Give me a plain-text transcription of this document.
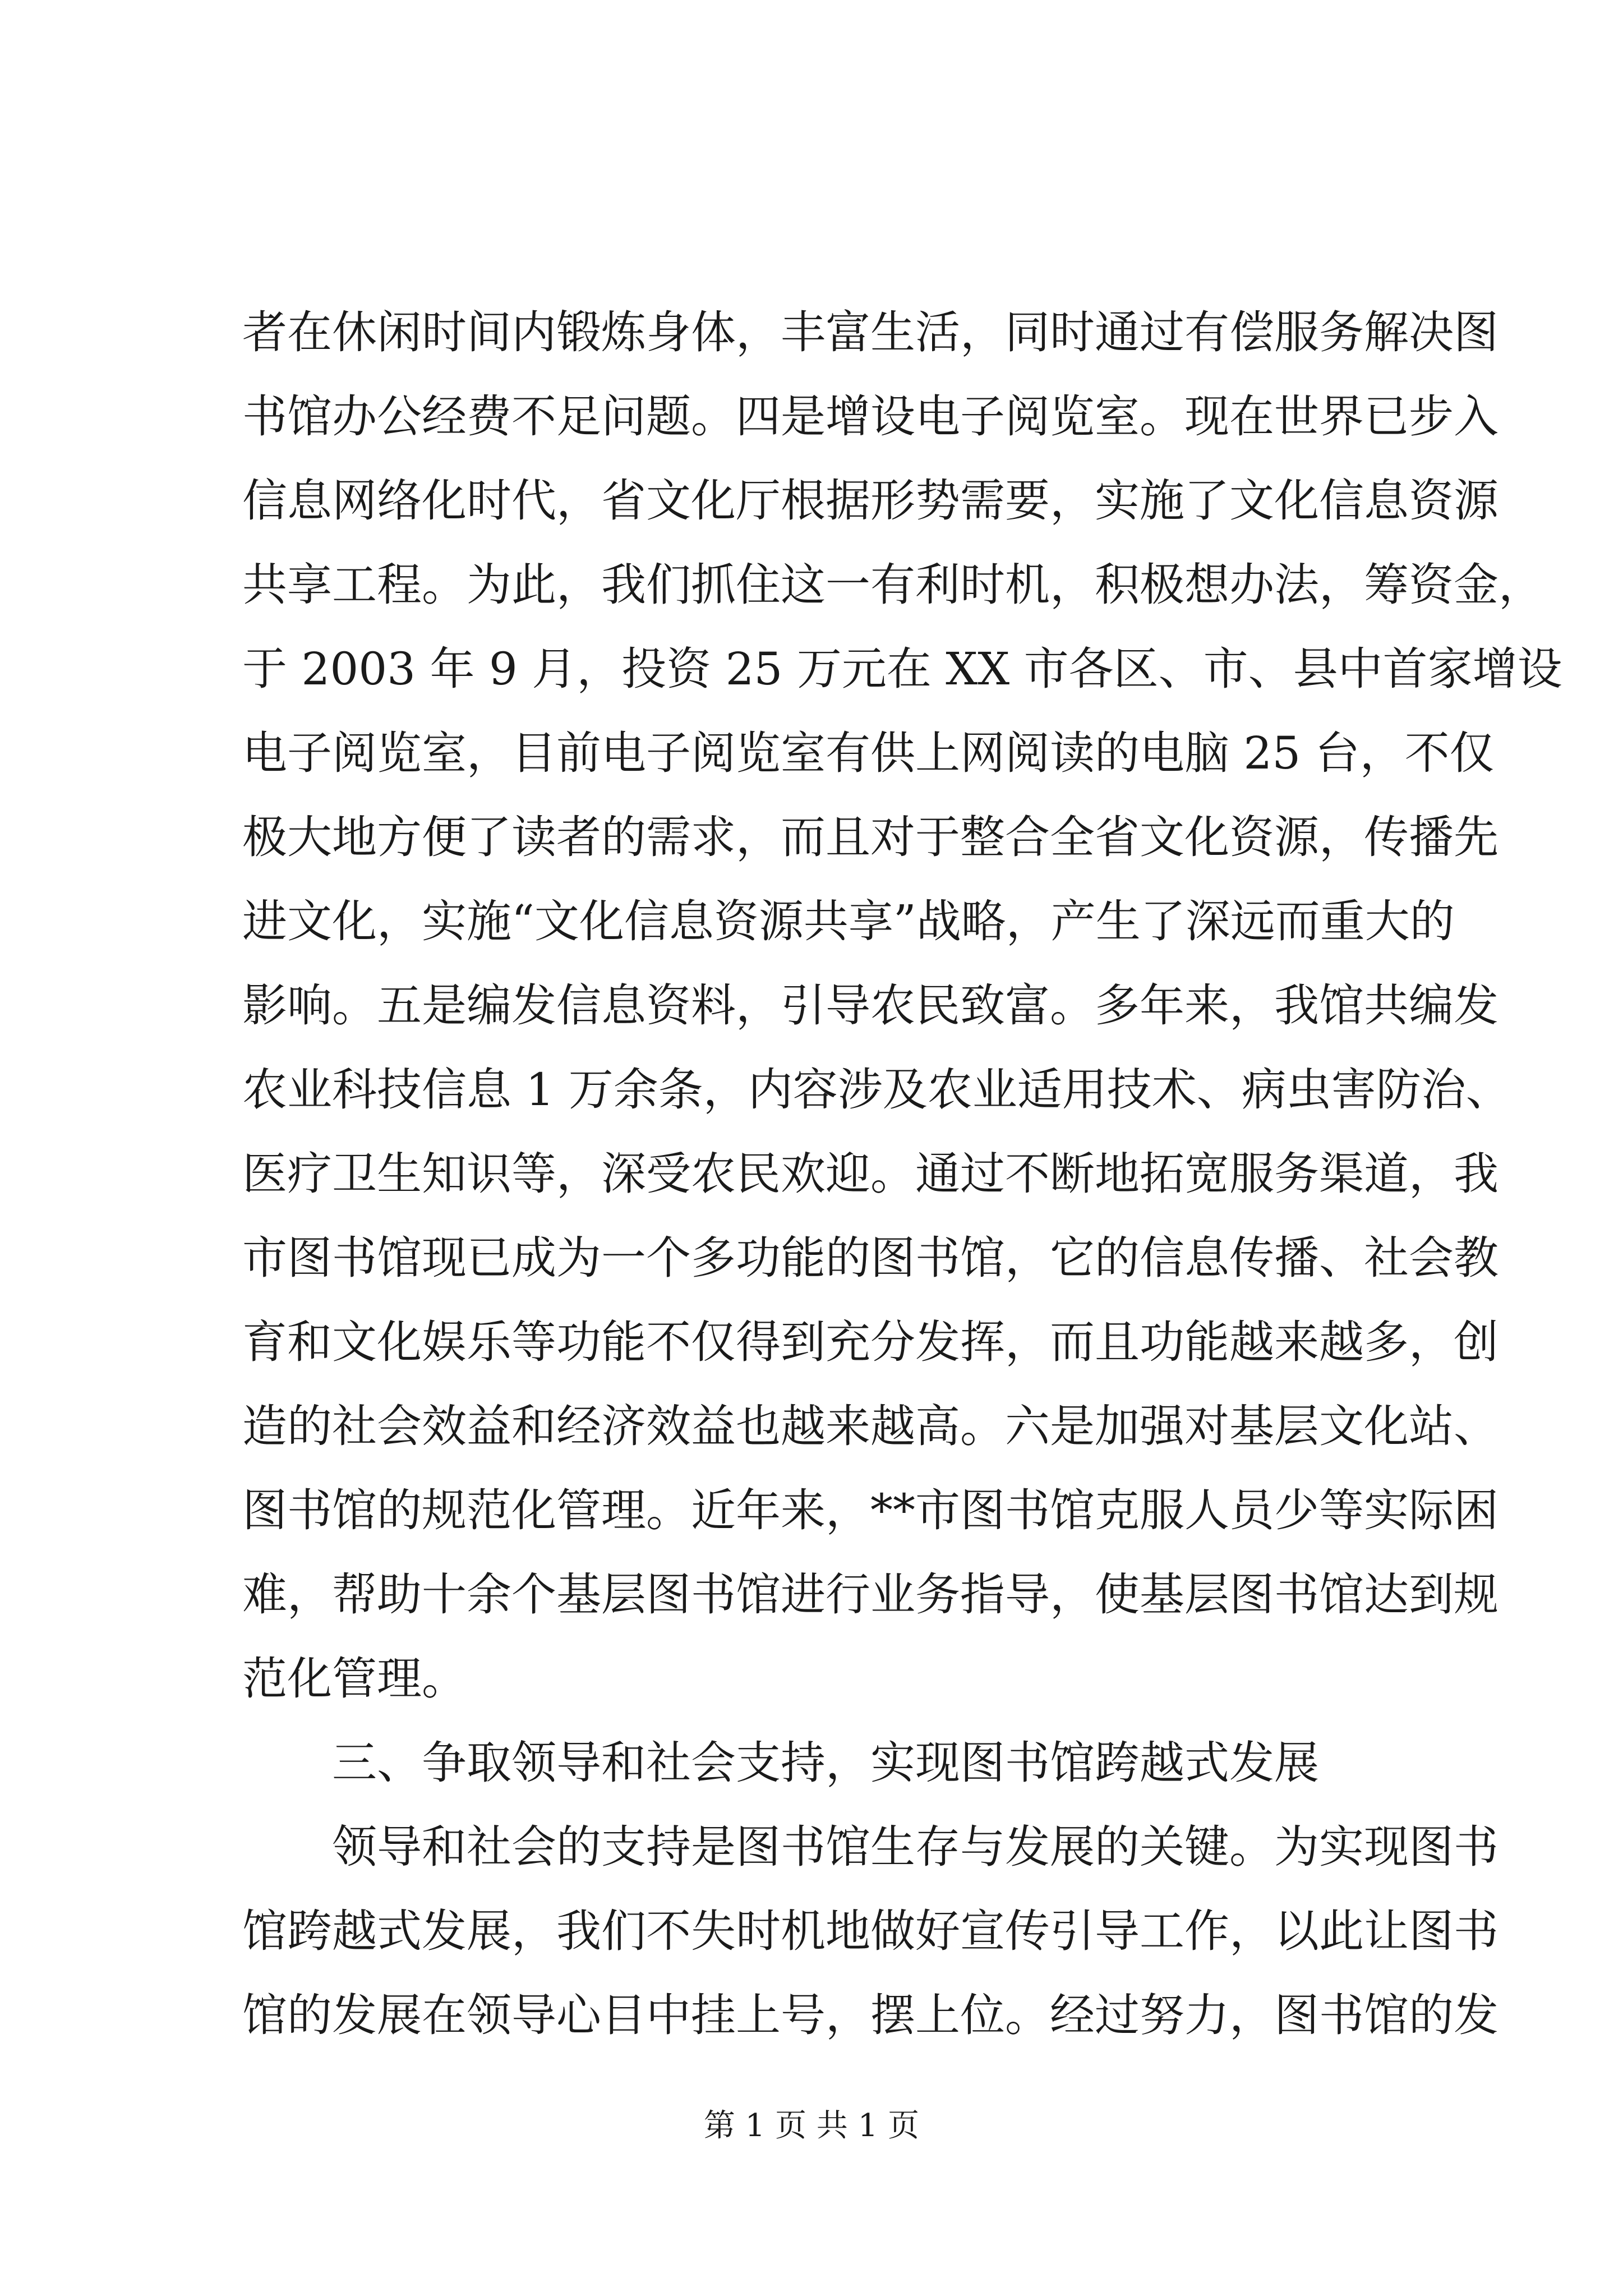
者在休闲时间内锻炼身体，丰富生活，同时通过有偿服务解决图
书馆办公经费不足问题。四是增设电子阅览室。现在世界已步入
信息网络化时代，省文化厅根据形势需要，实施了文化信息资源
共享工程。为此，我们抓住这一有利时机，积极想办法，筹资金，
于 2003 年 9 月，投资 25 万元在 XX 市各区、市、县中首家增设
电子阅览室，目前电子阅览室有供上网阅读的电脑 25 台，不仅
极大地方便了读者的需求，而且对于整合全省文化资源，传播先
进文化，实施“文化信息资源共享”战略，产生了深远而重大的
影响。五是编发信息资料，引导农民致富。多年来，我馆共编发
农业科技信息 1 万余条，内容涉及农业适用技术、病虫害防治、
医疗卫生知识等，深受农民欢迎。通过不断地拓宽服务渠道，我
市图书馆现已成为一个多功能的图书馆，它的信息传播、社会教
育和文化娱乐等功能不仅得到充分发挥，而且功能越来越多，创
造的社会效益和经济效益也越来越高。六是加强对基层文化站、
图书馆的规范化管理。近年来，**市图书馆克服人员少等实际困
难，帮助十余个基层图书馆进行业务指导，使基层图书馆达到规
范化管理。
三、争取领导和社会支持，实现图书馆跨越式发展
领导和社会的支持是图书馆生存与发展的关键。为实现图书
馆跨越式发展，我们不失时机地做好宣传引导工作，以此让图书
馆的发展在领导心目中挂上号，摆上位。经过努力，图书馆的发
第 1 页 共 1 页
